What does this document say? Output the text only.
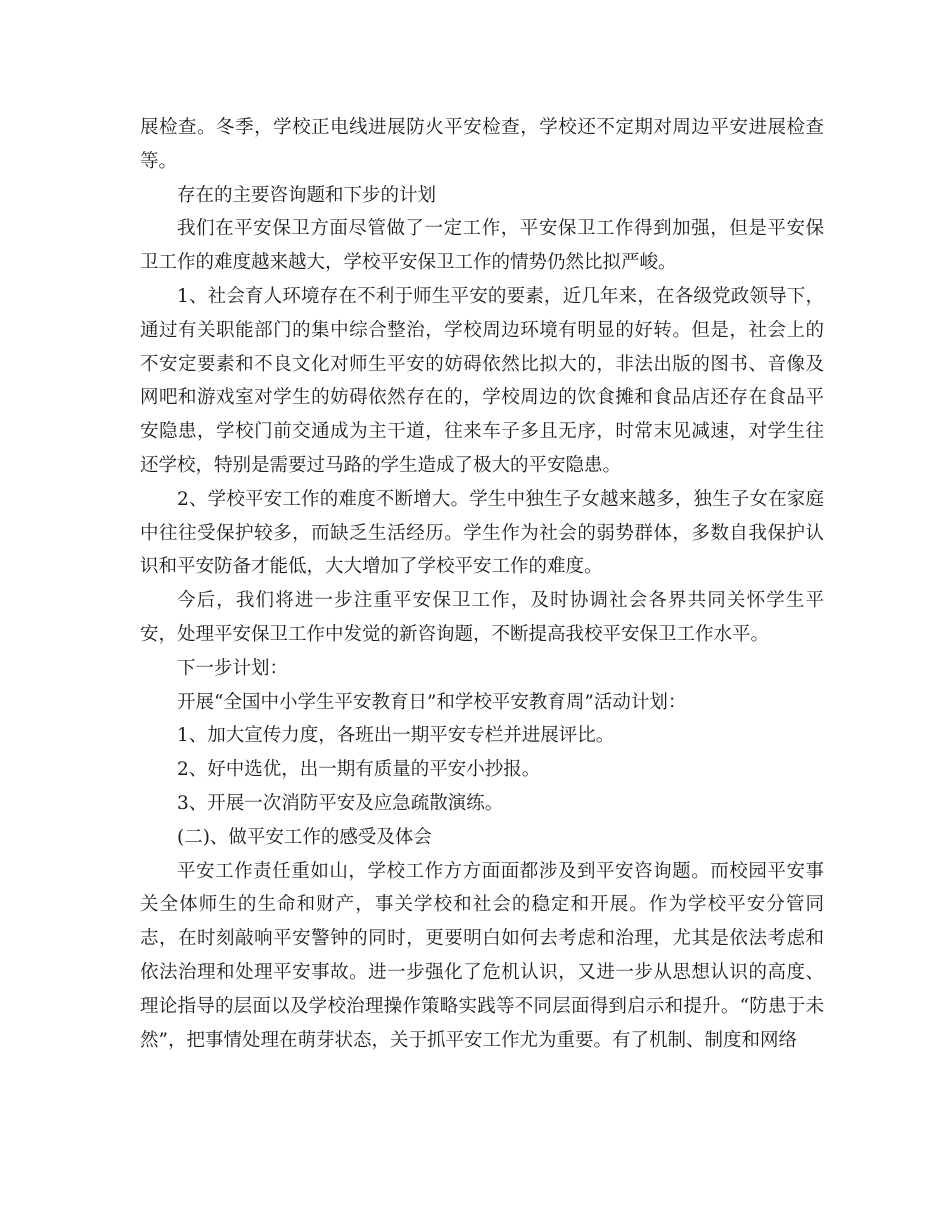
展检查。冬季，学校正电线进展防火平安检查，学校还不定期对周边平安进展检查等。

存在的主要咨询题和下步的计划

我们在平安保卫方面尽管做了一定工作，平安保卫工作得到加强，但是平安保卫工作的难度越来越大，学校平安保卫工作的情势仍然比拟严峻。

1、社会育人环境存在不利于师生平安的要素，近几年来，在各级党政领导下，通过有关职能部门的集中综合整治，学校周边环境有明显的好转。但是，社会上的不安定要素和不良文化对师生平安的妨碍依然比拟大的，非法出版的图书、音像及网吧和游戏室对学生的妨碍依然存在的，学校周边的饮食摊和食品店还存在食品平安隐患，学校门前交通成为主干道，往来车子多且无序，时常末见减速，对学生往还学校，特别是需要过马路的学生造成了极大的平安隐患。

2、学校平安工作的难度不断增大。学生中独生子女越来越多，独生子女在家庭中往往受保护较多，而缺乏生活经历。学生作为社会的弱势群体，多数自我保护认识和平安防备才能低，大大增加了学校平安工作的难度。

今后，我们将进一步注重平安保卫工作，及时协调社会各界共同关怀学生平安，处理平安保卫工作中发觉的新咨询题，不断提高我校平安保卫工作水平。

下一步计划：

开展“全国中小学生平安教育日”和学校平安教育周”活动计划：

1、加大宣传力度，各班出一期平安专栏并进展评比。

2、好中选优，出一期有质量的平安小抄报。

3、开展一次消防平安及应急疏散演练。

(二)、做平安工作的感受及体会

平安工作责任重如山，学校工作方方面面都涉及到平安咨询题。而校园平安事关全体师生的生命和财产，事关学校和社会的稳定和开展。作为学校平安分管同志，在时刻敲响平安警钟的同时，更要明白如何去考虑和治理，尤其是依法考虑和依法治理和处理平安事故。进一步强化了危机认识，又进一步从思想认识的高度、理论指导的层面以及学校治理操作策略实践等不同层面得到启示和提升。“防患于未然”，把事情处理在萌芽状态，关于抓平安工作尤为重要。有了机制、制度和网络
